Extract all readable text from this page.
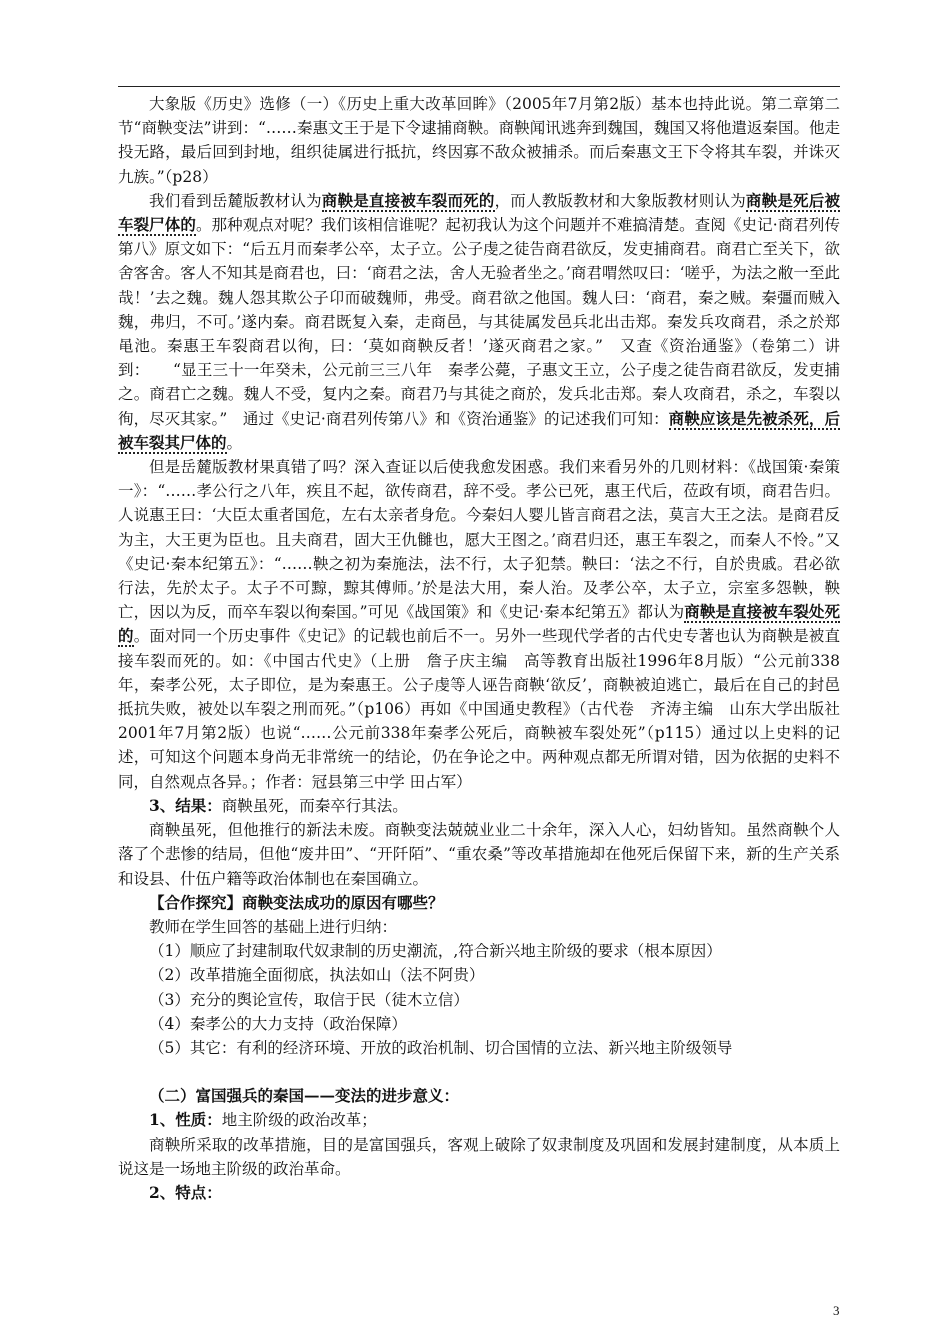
大象版《历史》选修（一）《历史上重大改革回眸》（2005年7月第2版）基本也持此说。第二章第二节“商鞅变法”讲到：“……秦惠文王于是下令逮捕商鞅。商鞅闻讯逃奔到魏国，魏国又将他遣返秦国。他走投无路，最后回到封地，组织徒属进行抵抗，终因寡不敌众被捕杀。而后秦惠文王下令将其车裂，并诛灭九族。”（p28）

我们看到岳麓版教材认为商鞅是直接被车裂而死的，而人教版教材和大象版教材则认为商鞅是死后被车裂尸体的。那种观点对呢？我们该相信谁呢？起初我认为这个问题并不难搞清楚。查阅《史记·商君列传第八》原文如下：“后五月而秦孝公卒，太子立。公子虔之徒告商君欲反，发吏捕商君。商君亡至关下，欲舍客舍。客人不知其是商君也，曰：‘商君之法，舍人无验者坐之。’商君喟然叹曰：‘嗟乎，为法之敝一至此哉！’去之魏。魏人怨其欺公子卬而破魏师，弗受。商君欲之他国。魏人曰：‘商君，秦之贼。秦彊而贼入魏，弗归，不可。’遂内秦。商君既复入秦，走商邑，与其徒属发邑兵北出击郑。秦发兵攻商君，杀之於郑黾池。秦惠王车裂商君以徇，曰：‘莫如商鞅反者！’遂灭商君之家。”　又查《资治通鉴》（卷第二）讲到：　　“显王三十一年癸未，公元前三三八年　秦孝公薨，子惠文王立，公子虔之徒告商君欲反，发吏捕之。商君亡之魏。魏人不受，复内之秦。商君乃与其徒之商於，发兵北击郑。秦人攻商君，杀之，车裂以徇，尽灭其家。”　通过《史记·商君列传第八》和《资治通鉴》的记述我们可知：商鞅应该是先被杀死，后被车裂其尸体的。

但是岳麓版教材果真错了吗？深入查证以后使我愈发困惑。我们来看另外的几则材料：《战国策·秦策一》：“……孝公行之八年，疾且不起，欲传商君，辞不受。孝公已死，惠王代后，莅政有顷，商君告归。人说惠王曰：‘大臣太重者国危，左右太亲者身危。今秦妇人婴儿皆言商君之法，莫言大王之法。是商君反为主，大王更为臣也。且夫商君，固大王仇雠也，愿大王图之。’商君归还，惠王车裂之，而秦人不怜。”又《史记·秦本纪第五》：“……鞅之初为秦施法，法不行，太子犯禁。鞅曰：‘法之不行，自於贵戚。君必欲行法，先於太子。太子不可黥，黥其傅师。’於是法大用，秦人治。及孝公卒，太子立，宗室多怨鞅，鞅亡，因以为反，而卒车裂以徇秦国。”可见《战国策》和《史记·秦本纪第五》都认为商鞅是直接被车裂处死的。面对同一个历史事件《史记》的记载也前后不一。另外一些现代学者的古代史专著也认为商鞅是被直接车裂而死的。如：《中国古代史》（上册　詹子庆主编　高等教育出版社1996年8月版）“公元前338年，秦孝公死，太子即位，是为秦惠王。公子虔等人诬告商鞅‘欲反’，商鞅被迫逃亡，最后在自己的封邑抵抗失败，被处以车裂之刑而死。”（p106）再如《中国通史教程》（古代卷　齐涛主编　山东大学出版社2001年7月第2版）也说“……公元前338年秦孝公死后，商鞅被车裂处死”（p115）通过以上史料的记述，可知这个问题本身尚无非常统一的结论，仍在争论之中。两种观点都无所谓对错，因为依据的史料不同，自然观点各异。；作者：冠县第三中学 田占军）

3、结果：商鞅虽死，而秦卒行其法。

商鞅虽死，但他推行的新法未废。商鞅变法兢兢业业二十余年，深入人心，妇幼皆知。虽然商鞅个人落了个悲惨的结局，但他“废井田”、“开阡陌”、“重农桑”等改革措施却在他死后保留下来，新的生产关系和设县、什伍户籍等政治体制也在秦国确立。

【合作探究】商鞅变法成功的原因有哪些？

教师在学生回答的基础上进行归纳：

（1）顺应了封建制取代奴隶制的历史潮流，,符合新兴地主阶级的要求（根本原因）

（2）改革措施全面彻底，执法如山（法不阿贵）

（3）充分的舆论宣传，取信于民（徒木立信）

（4）秦孝公的大力支持（政治保障）

（5）其它：有利的经济环境、开放的政治机制、切合国情的立法、新兴地主阶级领导

（二）富国强兵的秦国——变法的进步意义：

1、性质：地主阶级的政治改革；

商鞅所采取的改革措施，目的是富国强兵，客观上破除了奴隶制度及巩固和发展封建制度，从本质上说这是一场地主阶级的政治革命。

2、特点：

3
